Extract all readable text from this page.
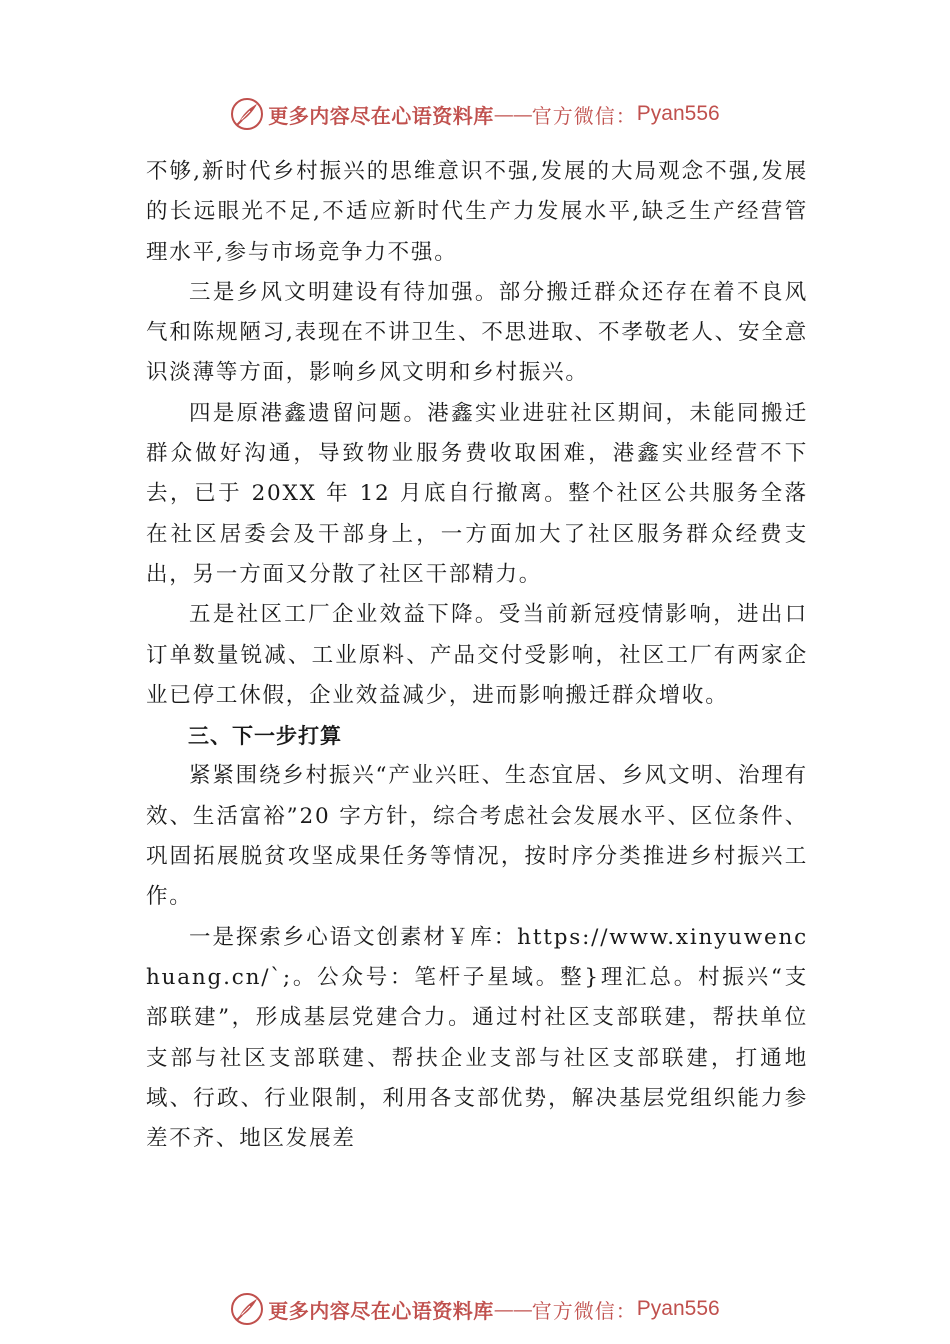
更多内容尽在心语资料库 —— 官方微信： Pyan556

不够,新时代乡村振兴的思维意识不强,发展的大局观念不强,发展的长远眼光不足,不适应新时代生产力发展水平,缺乏生产经营管理水平,参与市场竞争力不强。

三是乡风文明建设有待加强。部分搬迁群众还存在着不良风气和陈规陋习,表现在不讲卫生、不思进取、不孝敬老人、安全意识淡薄等方面，影响乡风文明和乡村振兴。

四是原港鑫遗留问题。港鑫实业进驻社区期间，未能同搬迁群众做好沟通，导致物业服务费收取困难，港鑫实业经营不下去，已于 20XX 年 12 月底自行撤离。整个社区公共服务全落在社区居委会及干部身上，一方面加大了社区服务群众经费支出，另一方面又分散了社区干部精力。

五是社区工厂企业效益下降。受当前新冠疫情影响，进出口订单数量锐减、工业原料、产品交付受影响，社区工厂有两家企业已停工休假，企业效益减少，进而影响搬迁群众增收。

三、下一步打算

紧紧围绕乡村振兴“产业兴旺、生态宜居、乡风文明、治理有效、生活富裕”20 字方针，综合考虑社会发展水平、区位条件、巩固拓展脱贫攻坚成果任务等情况，按时序分类推进乡村振兴工作。

一是探索乡心语文创素材￥库：https://www.xinyuwenchuang.cn/`;。公众号：笔杆子星域。整}理汇总。村振兴“支部联建”，形成基层党建合力。通过村社区支部联建，帮扶单位支部与社区支部联建、帮扶企业支部与社区支部联建，打通地域、行政、行业限制，利用各支部优势，解决基层党组织能力参差不齐、地区发展差

更多内容尽在心语资料库 —— 官方微信： Pyan556
